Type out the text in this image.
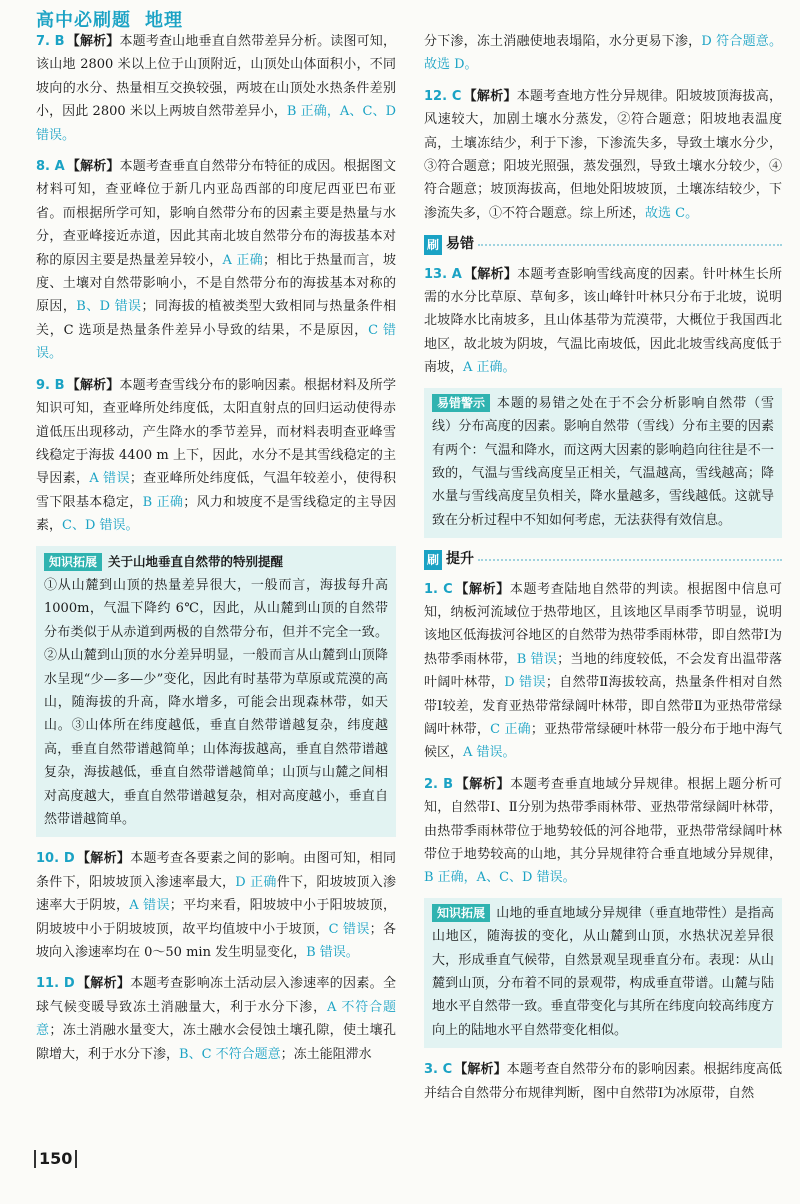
高中必刷题 地理
7. B 【解析】本题考查山地垂直自然带差异分析。读图可知，该山地 2800 米以上位于山顶附近，山顶处山体面积小，不同坡向的水分、热量相互交换较强，两坡在山顶处水热条件差别小，因此 2800 米以上两坡自然带差异小，B 正确，A、C、D 错误。
8. A 【解析】本题考查垂直自然带分布特征的成因。根据图文材料可知，查亚峰位于新几内亚岛西部的印度尼西亚巴布亚省。而根据所学可知，影响自然带分布的因素主要是热量与水分，查亚峰接近赤道，因此其南北坡自然带分布的海拔基本对称的原因主要是热量差异较小，A 正确；相比于热量而言，坡度、土壤对自然带影响小，不是自然带分布的海拔基本对称的原因，B、D 错误；同海拔的植被类型大致相同与热量条件相关，C 选项是热量条件差异小导致的结果，不是原因，C 错误。
9. B 【解析】本题考查雪线分布的影响因素。根据材料及所学知识可知，查亚峰所处纬度低，太阳直射点的回归运动使得赤道低压出现移动，产生降水的季节差异，而材料表明查亚峰雪线稳定于海拔 4400 m 上下，因此，水分不是其雪线稳定的主导因素，A 错误；查亚峰所处纬度低，气温年较差小，使得积雪下限基本稳定，B 正确；风力和坡度不是雪线稳定的主导因素，C、D 错误。
知识拓展 关于山地垂直自然带的特别提醒
①从山麓到山顶的热量差异很大，一般而言，海拔每升高 1000m，气温下降约 6℃，因此，从山麓到山顶的自然带分布类似于从赤道到两极的自然带分布，但并不完全一致。②从山麓到山顶的水分差异明显，一般而言从山麓到山顶降水呈现“少—多—少”变化，因此有时基带为草原或荒漠的高山，随海拔的升高，降水增多，可能会出现森林带，如天山。③山体所在纬度越低，垂直自然带谱越复杂，纬度越高，垂直自然带谱越简单；山体海拔越高，垂直自然带谱越复杂，海拔越低，垂直自然带谱越简单；山顶与山麓之间相对高度越大，垂直自然带谱越复杂，相对高度越小，垂直自然带谱越简单。
10. D 【解析】本题考查各要素之间的影响。由图可知，相同条件下，阳坡坡顶入渗速率最大，D 正确件下，阳坡坡顶入渗速率大于阴坡，A 错误；平均来看，阳坡坡中小于阳坡坡顶，阴坡坡中小于阴坡坡顶，故平均值坡中小于坡顶，C 错误；各坡向入渗速率均在 0～50 min 发生明显变化，B 错误。
11. D 【解析】本题考查影响冻土活动层入渗速率的因素。全球气候变暖导致冻土消融量大，利于水分下渗，A 不符合题意；冻土消融水量变大，冻土融水会侵蚀土壤孔隙，使土壤孔隙增大，利于水分下渗，B、C 不符合题意；冻土能阻滞水
分下渗，冻土消融使地表塌陷，水分更易下渗，D 符合题意。故选 D。
12. C 【解析】本题考查地方性分异规律。阳坡坡顶海拔高，风速较大，加剧土壤水分蒸发，②符合题意；阳坡地表温度高，土壤冻结少，利于下渗，下渗流失多，导致土壤水分少，③符合题意；阳坡光照强，蒸发强烈，导致土壤水分较少，④符合题意；坡顶海拔高，但地处阳坡坡顶，土壤冻结较少，下渗流失多，①不符合题意。综上所述，故选 C。
刷 易错
13. A 【解析】本题考查影响雪线高度的因素。针叶林生长所需的水分比草原、草甸多，该山峰针叶林只分布于北坡，说明北坡降水比南坡多，且山体基带为荒漠带，大概位于我国西北地区，故北坡为阴坡，气温比南坡低，因此北坡雪线高度低于南坡，A 正确。
易错警示 本题的易错之处在于不会分析影响自然带（雪线）分布高度的因素。影响自然带（雪线）分布主要的因素有两个：气温和降水，而这两大因素的影响趋向往往是不一致的，气温与雪线高度呈正相关，气温越高，雪线越高；降水量与雪线高度呈负相关，降水量越多，雪线越低。这就导致在分析过程中不知如何考虑，无法获得有效信息。
刷 提升
1. C 【解析】本题考查陆地自然带的判读。根据图中信息可知，纳板河流域位于热带地区，且该地区旱雨季节明显，说明该地区低海拔河谷地区的自然带为热带季雨林带，即自然带Ⅰ为热带季雨林带，B 错误；当地的纬度较低，不会发育出温带落叶阔叶林带，D 错误；自然带Ⅱ海拔较高，热量条件相对自然带Ⅰ较差，发育亚热带常绿阔叶林带，即自然带Ⅱ为亚热带常绿阔叶林带，C 正确；亚热带常绿硬叶林带一般分布于地中海气候区，A 错误。
2. B 【解析】本题考查垂直地域分异规律。根据上题分析可知，自然带Ⅰ、Ⅱ分别为热带季雨林带、亚热带常绿阔叶林带，由热带季雨林带位于地势较低的河谷地带，亚热带常绿阔叶林带位于地势较高的山地，其分异规律符合垂直地域分异规律，B 正确，A、C、D 错误。
知识拓展 山地的垂直地域分异规律（垂直地带性）是指高山地区，随海拔的变化，从山麓到山顶，水热状况差异很大，形成垂直气候带，自然景观呈现垂直分布。表现：从山麓到山顶，分布着不同的景观带，构成垂直带谱。山麓与陆地水平自然带一致。垂直带变化与其所在纬度向较高纬度方向上的陆地水平自然带变化相似。
3. C 【解析】本题考查自然带分布的影响因素。根据纬度高低并结合自然带分布规律判断，图中自然带Ⅰ为冰原带，自然
150
